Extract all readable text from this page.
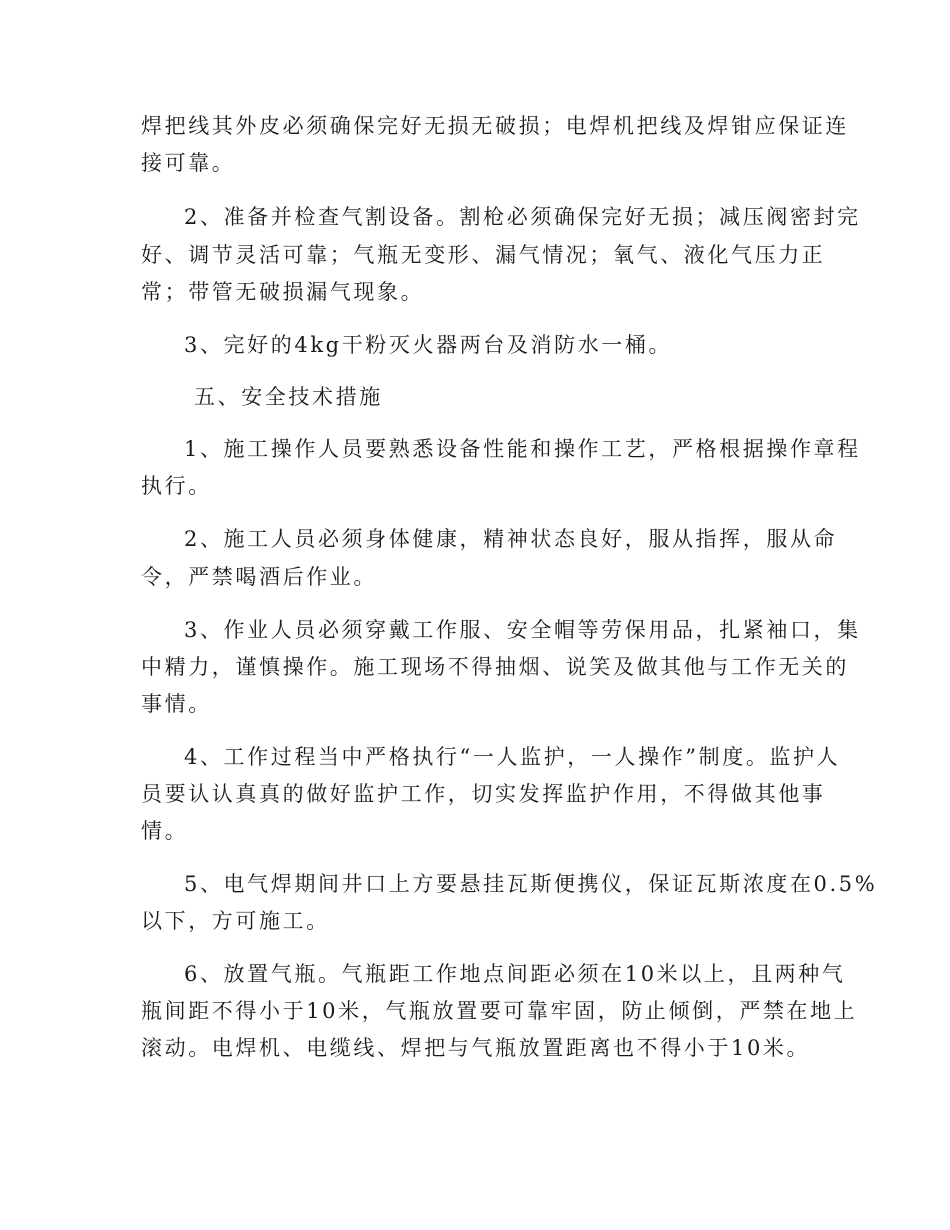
焊把线其外皮必须确保完好无损无破损；电焊机把线及焊钳应保证连
接可靠。
2、准备并检查气割设备。割枪必须确保完好无损；减压阀密封完
好、调节灵活可靠；气瓶无变形、漏气情况；氧气、液化气压力正
常；带管无破损漏气现象。
3、完好的4kg干粉灭火器两台及消防水一桶。
五、安全技术措施
1、施工操作人员要熟悉设备性能和操作工艺，严格根据操作章程
执行。
2、施工人员必须身体健康，精神状态良好，服从指挥，服从命
令，严禁喝酒后作业。
3、作业人员必须穿戴工作服、安全帽等劳保用品，扎紧袖口，集
中精力，谨慎操作。施工现场不得抽烟、说笑及做其他与工作无关的
事情。
4、工作过程当中严格执行“一人监护，一人操作”制度。监护人
员要认认真真的做好监护工作，切实发挥监护作用，不得做其他事
情。
5、电气焊期间井口上方要悬挂瓦斯便携仪，保证瓦斯浓度在0.5%
以下，方可施工。
6、放置气瓶。气瓶距工作地点间距必须在10米以上，且两种气
瓶间距不得小于10米，气瓶放置要可靠牢固，防止倾倒，严禁在地上
滚动。电焊机、电缆线、焊把与气瓶放置距离也不得小于10米。
